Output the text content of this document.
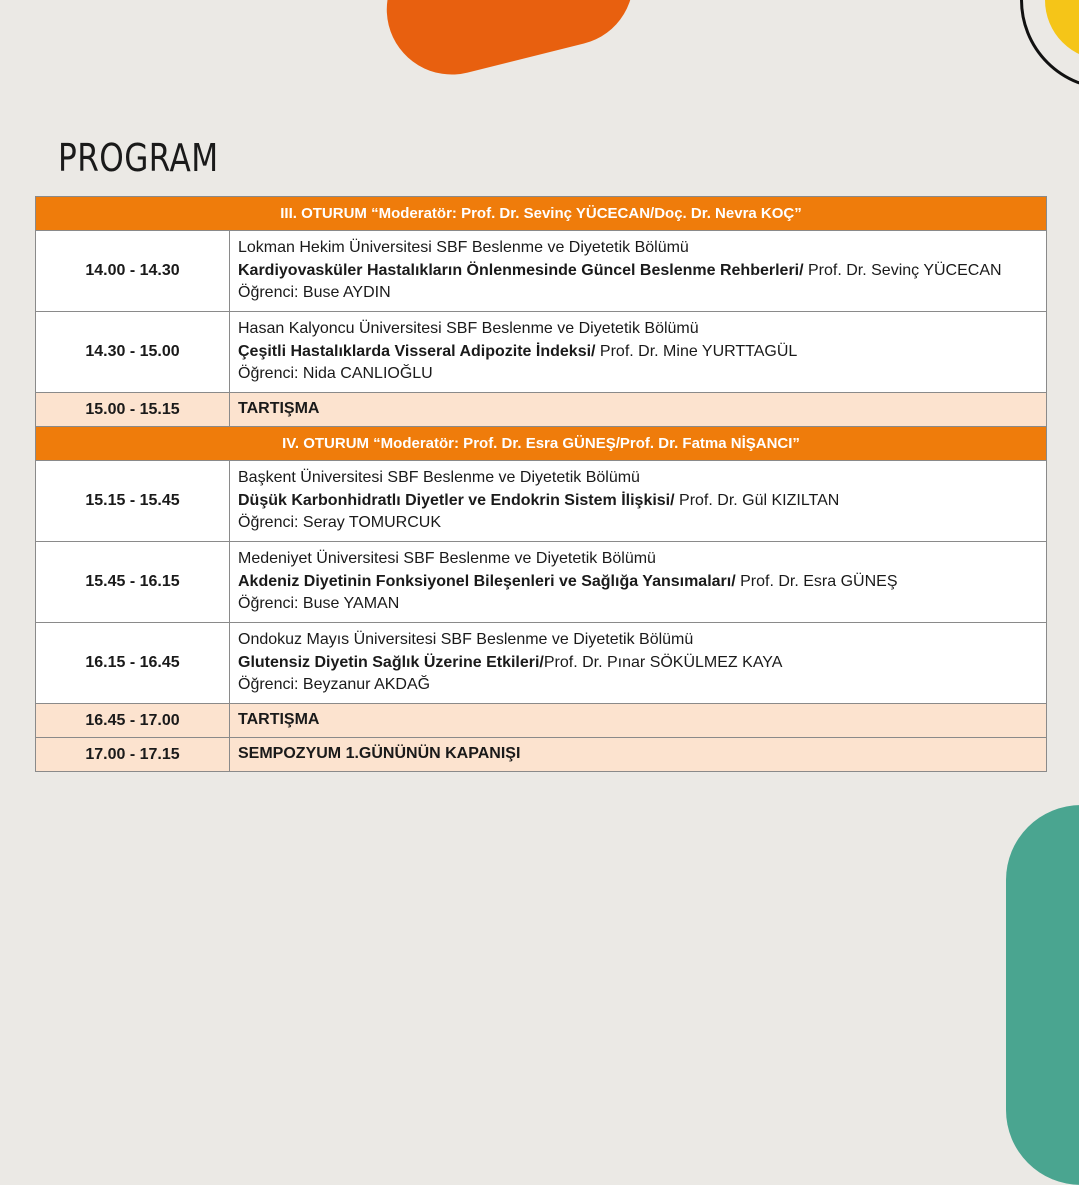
PROGRAM
III. OTURUM “Moderatör: Prof. Dr. Sevinç YÜCECAN/Doç. Dr. Nevra KOÇ”	
14.00 - 14.30	Lokman Hekim Üniversitesi SBF Beslenme ve Diyetetik Bölümü
Kardiyovasküler Hastalıkların Önlenmesinde Güncel Beslenme Rehberleri/ Prof. Dr. Sevinç YÜCECAN
Öğrenci: Buse AYDIN

14.30 - 15.00	Hasan Kalyoncu Üniversitesi SBF Beslenme ve Diyetetik Bölümü
Çeşitli Hastalıklarda Visseral Adipozite İndeksi/ Prof. Dr. Mine YURTTAGÜL
Öğrenci: Nida CANLIOĞLU

15.00 - 15.15	TARTIŞMA
IV. OTURUM “Moderatör: Prof. Dr. Esra GÜNEŞ/Prof. Dr. Fatma NİŞANCI”	
15.15 - 15.45	Başkent Üniversitesi SBF Beslenme ve Diyetetik Bölümü
Düşük Karbonhidratlı Diyetler ve Endokrin Sistem İlişkisi/ Prof. Dr. Gül KIZILTAN
Öğrenci: Seray TOMURCUK

15.45 - 16.15	Medeniyet Üniversitesi SBF Beslenme ve Diyetetik Bölümü
Akdeniz Diyetinin Fonksiyonel Bileşenleri ve Sağlığa Yansımaları/ Prof. Dr. Esra GÜNEŞ
Öğrenci: Buse YAMAN

16.15 - 16.45	Ondokuz Mayıs Üniversitesi SBF Beslenme ve Diyetetik Bölümü
Glutensiz Diyetin Sağlık Üzerine Etkileri/Prof. Dr. Pınar SÖKÜLMEZ KAYA
Öğrenci: Beyzanur AKDAĞ

16.45 - 17.00	TARTIŞMA
17.00 - 17.15	SEMPOZYUM 1.GÜNÜNÜN KAPANIŞI
